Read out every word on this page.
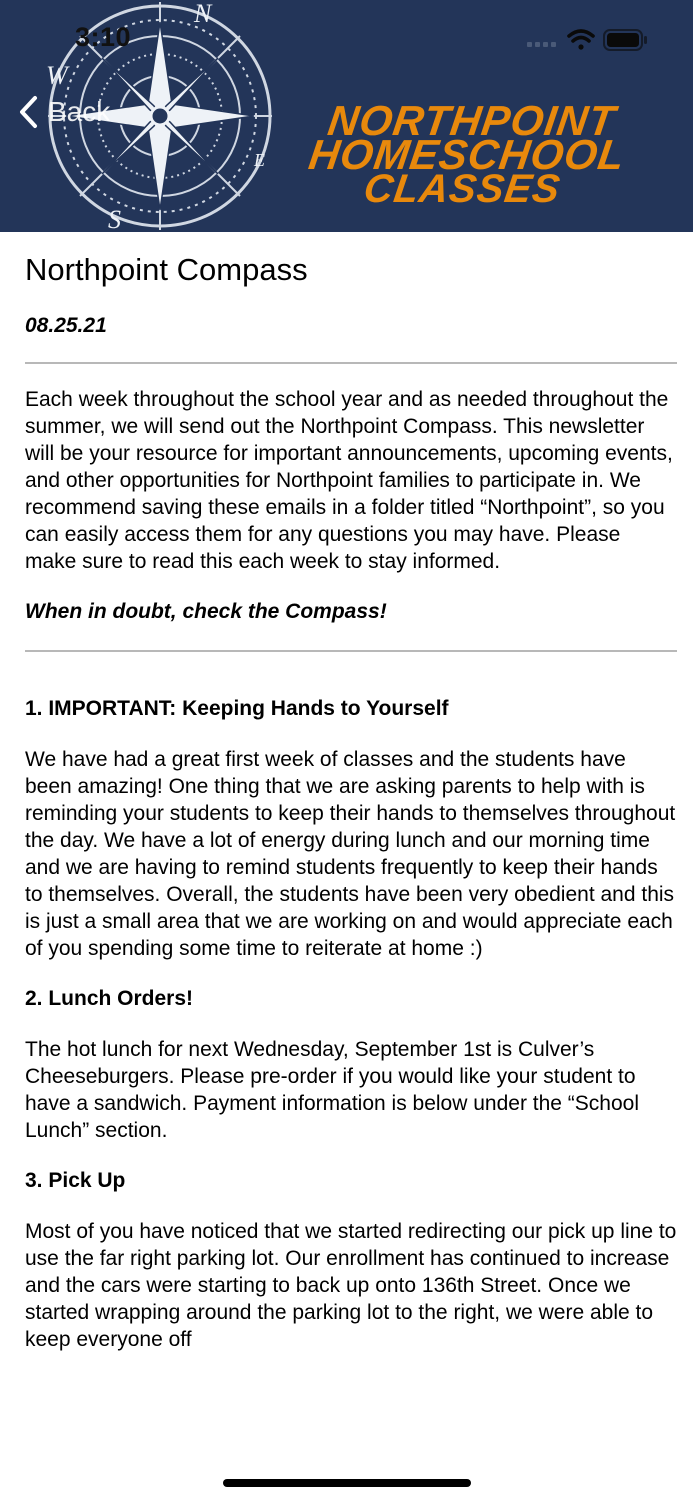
N
S
E
W
3:10
Back	NORTHPOINT
HOMESCHOOL
CLASSES
Northpoint Compass
08.25.21

Each week throughout the school year and as needed throughout the summer, we will send out the Northpoint Compass. This newsletter will be your resource for important announcements, upcoming events, and other opportunities for Northpoint families to participate in. We recommend saving these emails in a folder titled “Northpoint”, so you can easily access them for any questions you may have. Please make sure to read this each week to stay informed.

When in doubt, check the Compass!
1. IMPORTANT: Keeping Hands to Yourself

We have had a great first week of classes and the students have been amazing! One thing that we are asking parents to help with is reminding your students to keep their hands to themselves throughout the day. We have a lot of energy during lunch and our morning time and we are having to remind students frequently to keep their hands to themselves. Overall, the students have been very obedient and this is just a small area that we are working on and would appreciate each of you spending some time to reiterate at home :)

2. Lunch Orders!

The hot lunch for next Wednesday, September 1st is Culver’s Cheeseburgers. Please pre-order if you would like your student to have a sandwich. Payment information is below under the “School Lunch” section.

3. Pick Up

Most of you have noticed that we started redirecting our pick up line to use the far right parking lot. Our enrollment has continued to increase and the cars were starting to back up onto 136th Street. Once we started wrapping around the parking lot to the right, we were able to keep everyone off
